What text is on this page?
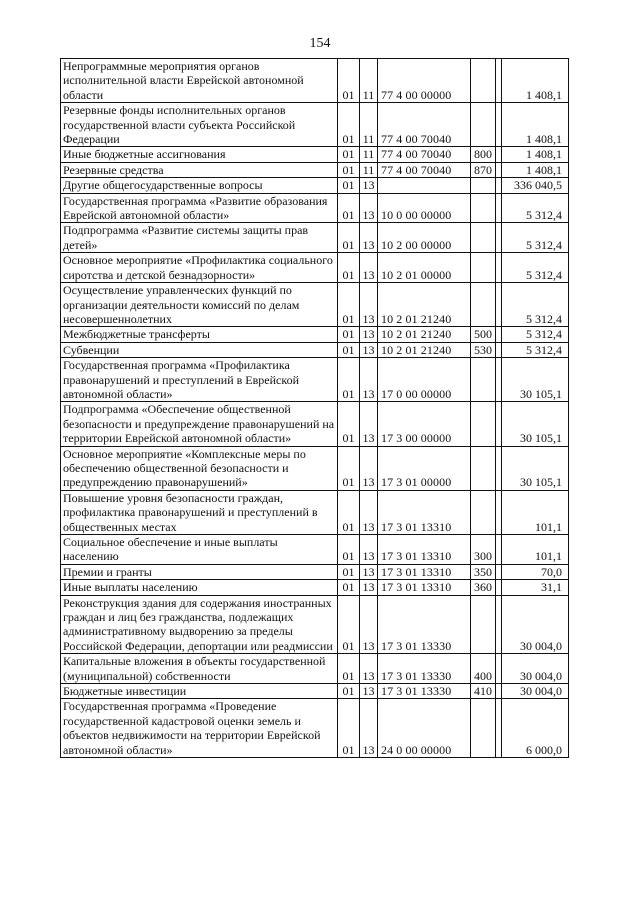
154
Непрограммные мероприятия органов исполнительной власти Еврейской автономной области	01	11	77 4 00 00000			1 408,1
Резервные фонды исполнительных органов государственной власти субъекта Российской Федерации	01	11	77 4 00 70040			1 408,1
Иные бюджетные ассигнования	01	11	77 4 00 70040	800		1 408,1
Резервные средства	01	11	77 4 00 70040	870		1 408,1
Другие общегосударственные вопросы	01	13				336 040,5
Государственная программа «Развитие образования Еврейской автономной области»	01	13	10 0 00 00000			5 312,4
Подпрограмма «Развитие системы защиты прав детей»	01	13	10 2 00 00000			5 312,4
Основное мероприятие «Профилактика социального сиротства и детской безнадзорности»	01	13	10 2 01 00000			5 312,4
Осуществление управленческих функций по организации деятельности комиссий по делам несовершеннолетних	01	13	10 2 01 21240			5 312,4
Межбюджетные трансферты	01	13	10 2 01 21240	500		5 312,4
Субвенции	01	13	10 2 01 21240	530		5 312,4
Государственная программа «Профилактика правонарушений и преступлений в Еврейской автономной области»	01	13	17 0 00 00000			30 105,1
Подпрограмма «Обеспечение общественной безопасности и предупреждение правонарушений на территории Еврейской автономной области»	01	13	17 3 00 00000			30 105,1
Основное мероприятие «Комплексные меры по обеспечению общественной безопасности и предупреждению правонарушений»	01	13	17 3 01 00000			30 105,1
Повышение уровня безопасности граждан, профилактика правонарушений и преступлений в общественных местах	01	13	17 3 01 13310			101,1
Социальное обеспечение и иные выплаты населению	01	13	17 3 01 13310	300		101,1
Премии и гранты	01	13	17 3 01 13310	350		70,0
Иные выплаты населению	01	13	17 3 01 13310	360		31,1
Реконструкция здания для содержания иностранных граждан и лиц без гражданства, подлежащих административному выдворению за пределы Российской Федерации, депортации или реадмиссии	01	13	17 3 01 13330			30 004,0
Капитальные вложения в объекты государственной (муниципальной) собственности	01	13	17 3 01 13330	400		30 004,0
Бюджетные инвестиции	01	13	17 3 01 13330	410		30 004,0
Государственная программа «Проведение государственной кадастровой оценки земель и объектов недвижимости на территории Еврейской автономной области»	01	13	24 0 00 00000			6 000,0
